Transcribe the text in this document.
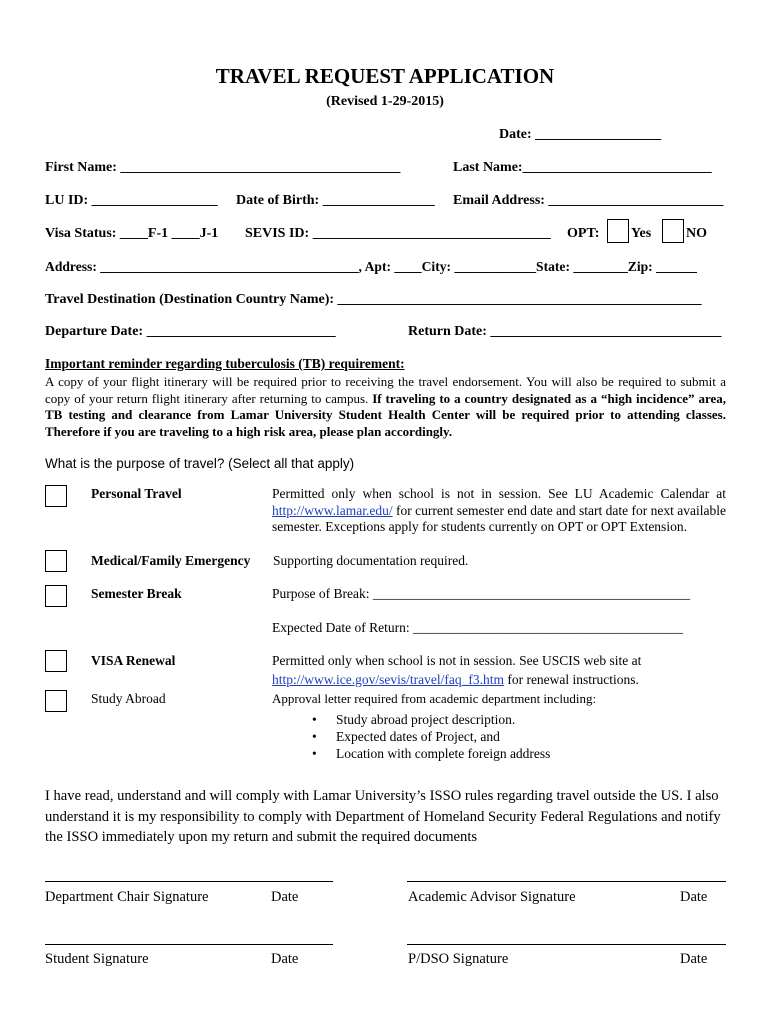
TRAVEL REQUEST APPLICATION
(Revised 1-29-2015)
Date: __________________
First Name: ________________________________________	Last Name:___________________________
LU ID: __________________ Date of Birth: ________________ Email Address: _________________________
Visa Status: ____F-1 ____J-1 SEVIS ID: __________________________________ OPT: Yes NO
Address: ______________________________________, Apt: ____City: ____________State: ________Zip: ______
Travel Destination (Destination Country Name): ____________________________________________________
Departure Date: ___________________________	Return Date: _________________________________
Important reminder regarding tuberculosis (TB) requirement:
A copy of your flight itinerary will be required prior to receiving the travel endorsement. You will also be required to submit a copy of your return flight itinerary after returning to campus. If traveling to a country designated as a “high incidence” area, TB testing and clearance from Lamar University Student Health Center will be required prior to attending classes. Therefore if you are traveling to a high risk area, please plan accordingly.
What is the purpose of travel? (Select all that apply)
Personal Travel	Permitted only when school is not in session. See LU Academic Calendar at http://www.lamar.edu/ for current semester end date and start date for next available semester. Exceptions apply for students currently on OPT or OPT Extension.
Medical/Family Emergency Supporting documentation required.
Semester Break	Purpose of Break: _______________________________________________
Expected Date of Return: ________________________________________
VISA Renewal	Permitted only when school is not in session. See USCIS web site at
http://www.ice.gov/sevis/travel/faq_f3.htm for renewal instructions.
Study Abroad	Approval letter required from academic department including:
• Study abroad project description.
• Expected dates of Project, and
• Location with complete foreign address
I have read, understand and will comply with Lamar University’s ISSO rules regarding travel outside the US. I also understand it is my responsibility to comply with Department of Homeland Security Federal Regulations and notify the ISSO immediately upon my return and submit the required documents
Department Chair Signature	Date	Academic Advisor Signature	Date
Student Signature	Date	P/DSO Signature	Date
